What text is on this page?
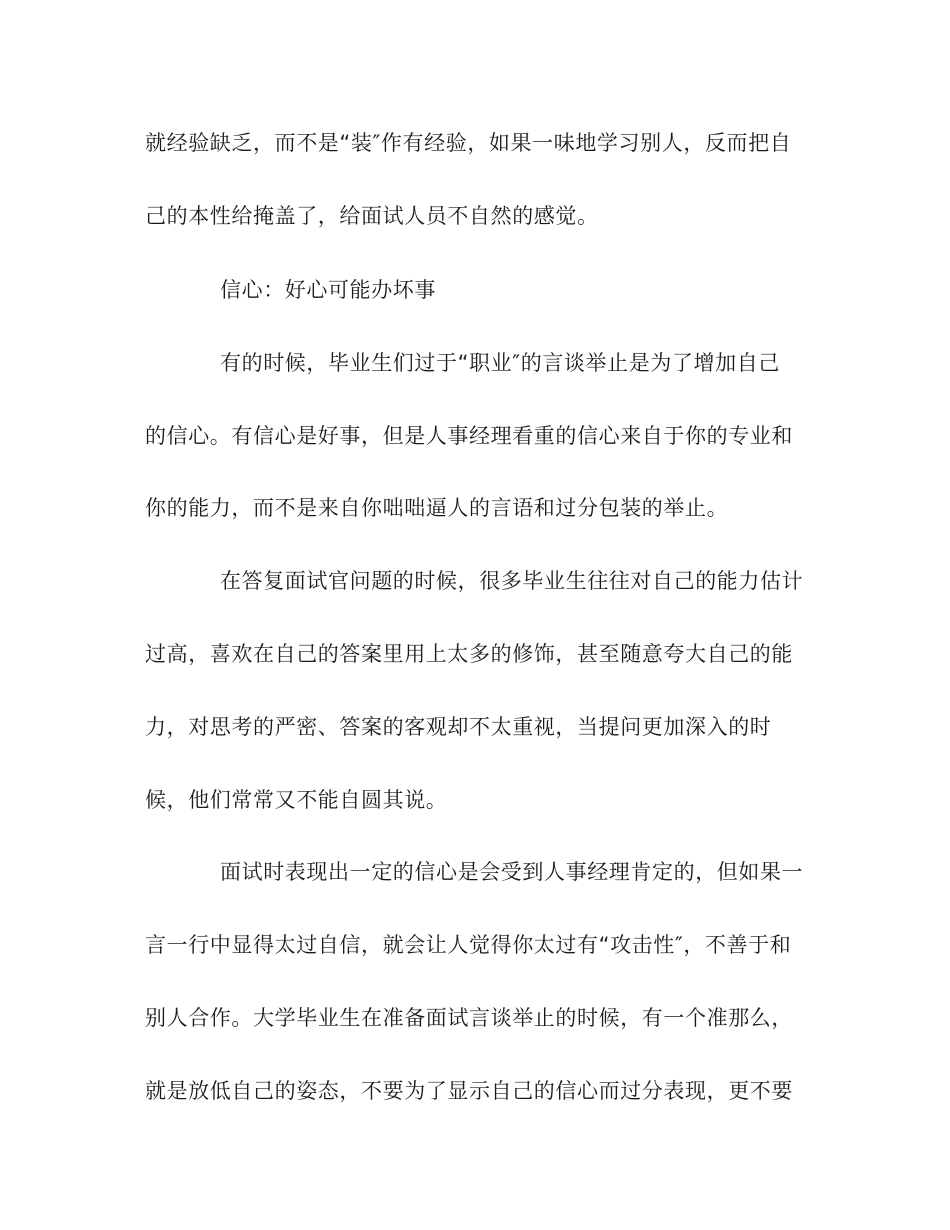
就经验缺乏，而不是“装″作有经验，如果一味地学习别人，反而把自
己的本性给掩盖了，给面试人员不自然的感觉。
信心：好心可能办坏事
有的时候，毕业生们过于“职业″的言谈举止是为了增加自己
的信心。有信心是好事，但是人事经理看重的信心来自于你的专业和
你的能力，而不是来自你咄咄逼人的言语和过分包装的举止。
在答复面试官问题的时候，很多毕业生往往对自己的能力估计
过高，喜欢在自己的答案里用上太多的修饰，甚至随意夸大自己的能
力，对思考的严密、答案的客观却不太重视，当提问更加深入的时
候，他们常常又不能自圆其说。
面试时表现出一定的信心是会受到人事经理肯定的，但如果一
言一行中显得太过自信，就会让人觉得你太过有“攻击性″，不善于和
别人合作。大学毕业生在准备面试言谈举止的时候，有一个准那么，
就是放低自己的姿态，不要为了显示自己的信心而过分表现，更不要
